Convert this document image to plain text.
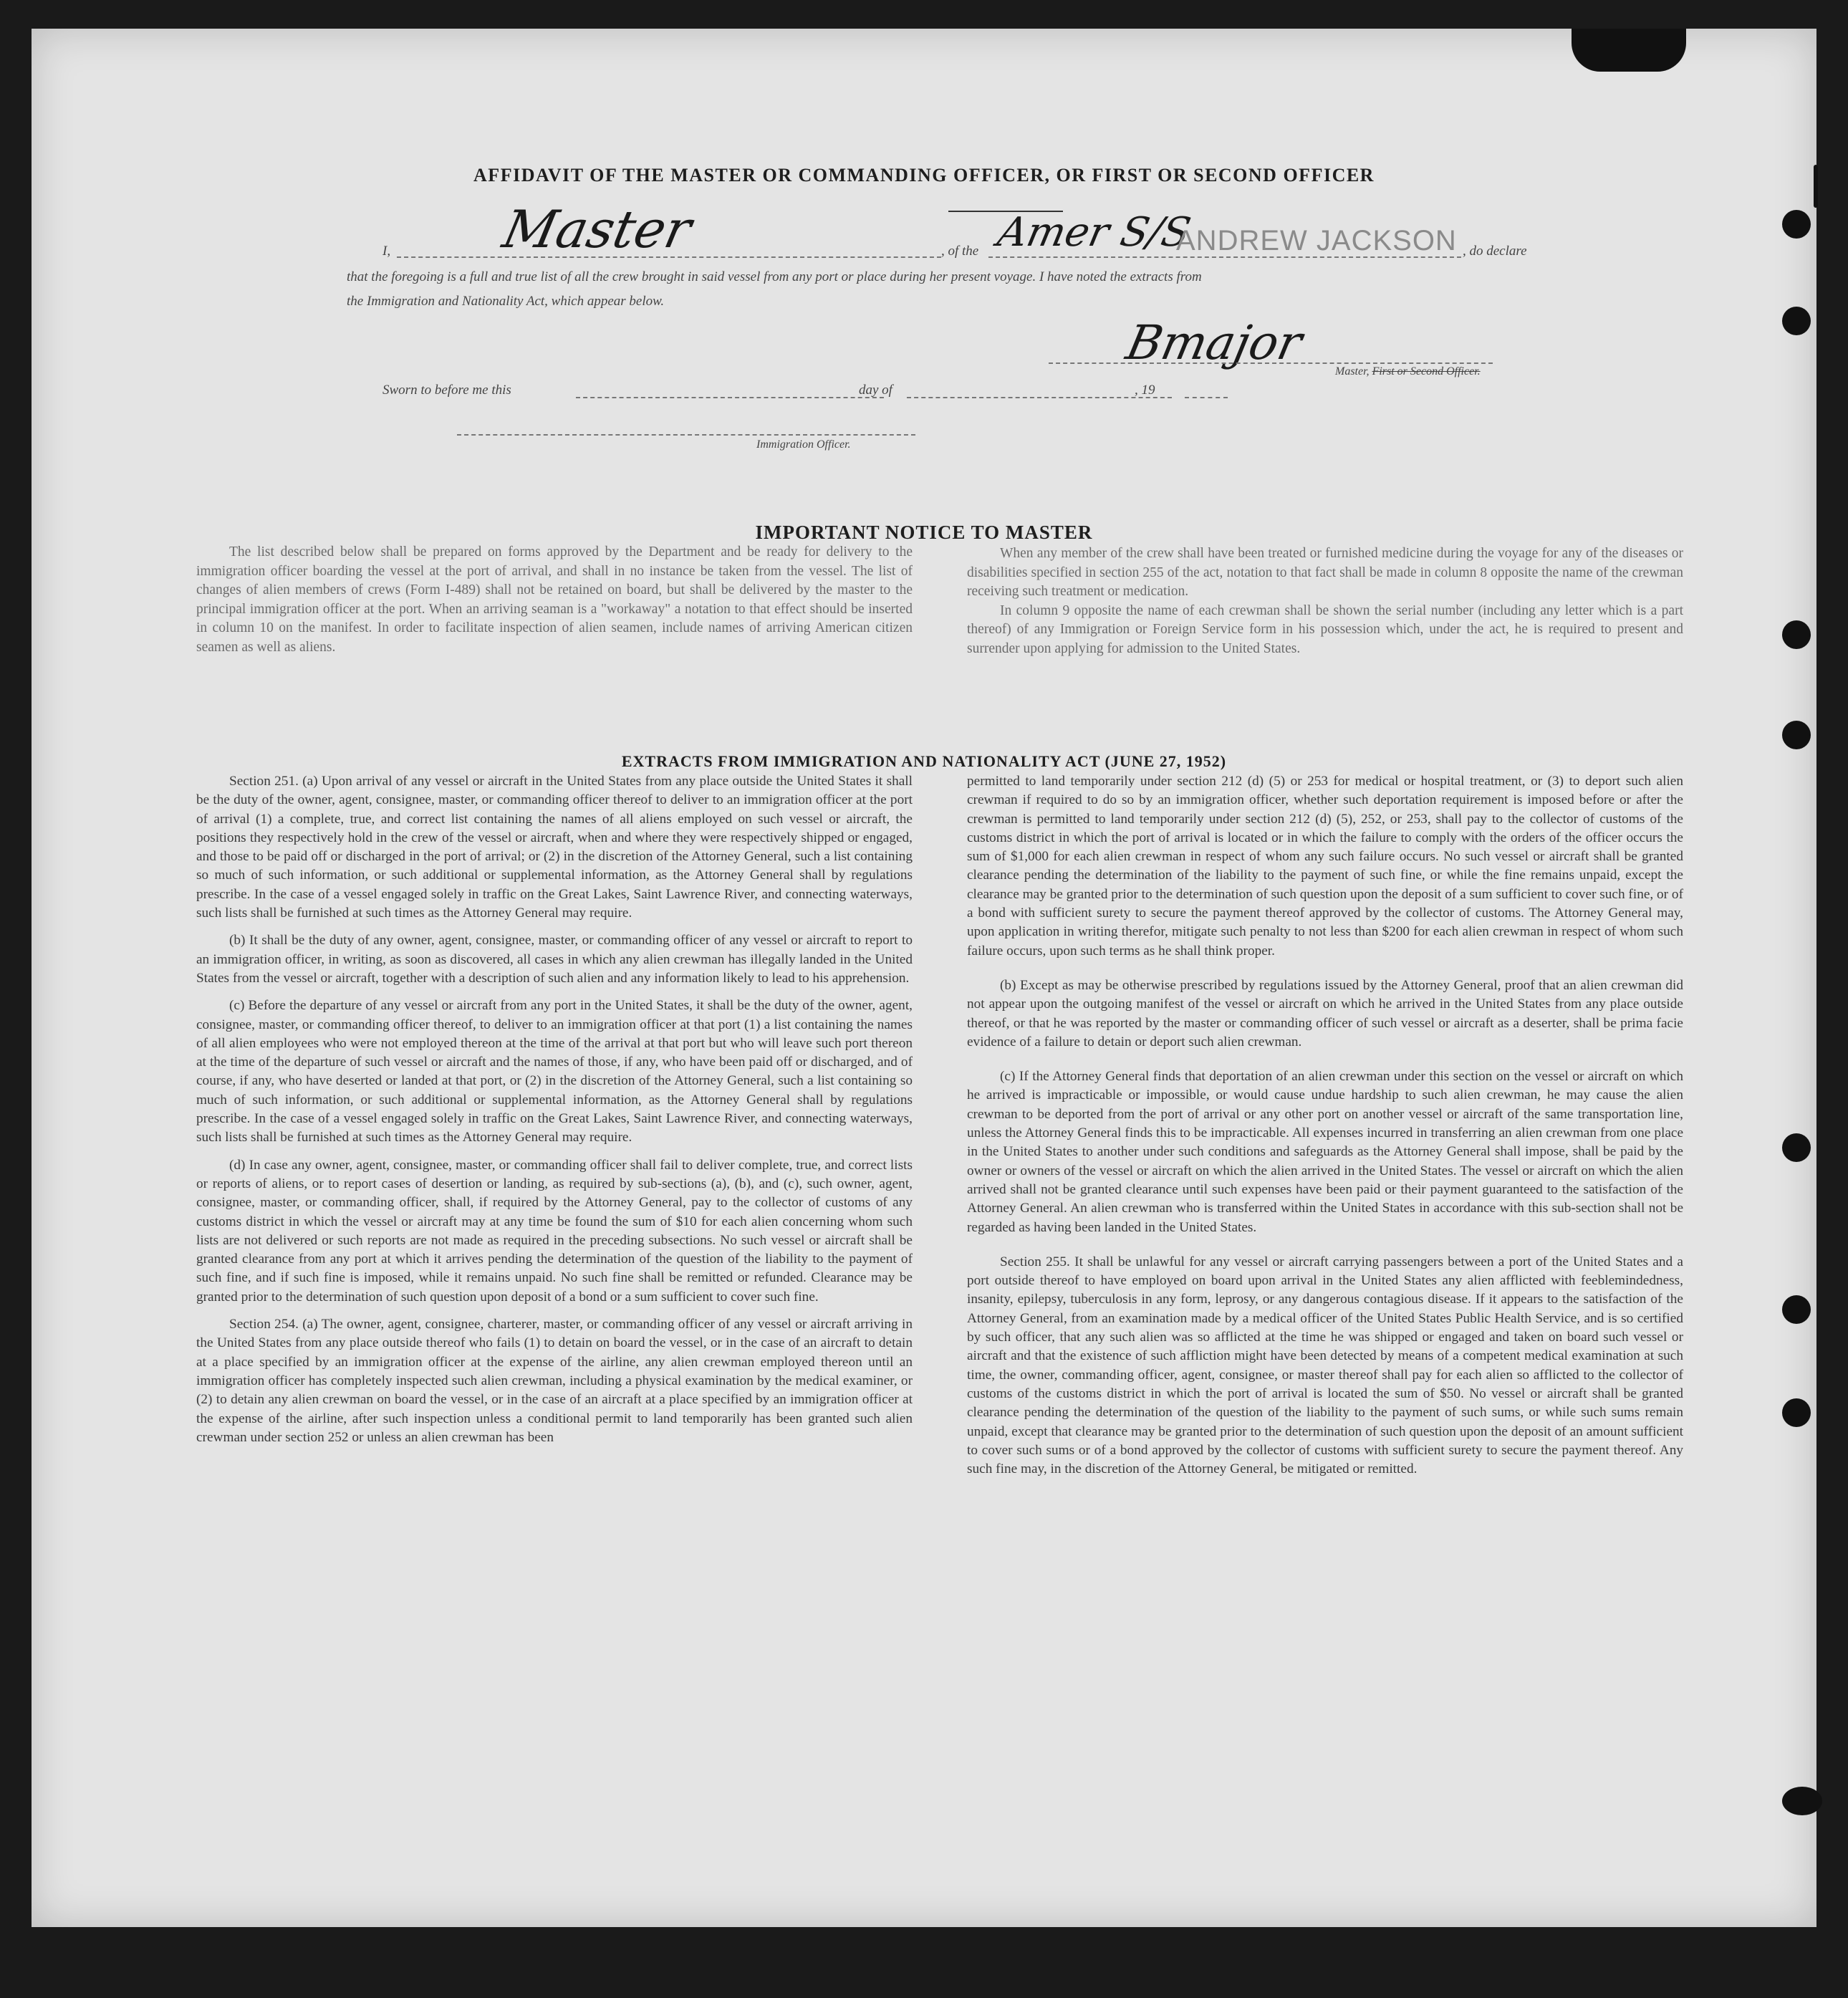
AFFIDAVIT OF THE MASTER OR COMMANDING OFFICER, OR FIRST OR SECOND OFFICER
I, Master	, of the Amer S/S
ANDREW JACKSON , do declare
that the foregoing is a full and true list of all the crew brought in said vessel from any port or place during her present voyage. I have noted the extracts from
the Immigration and Nationality Act, which appear below.
Bmajor
Master, First or Second Officer.
Sworn to before me this	day of	, 19
Immigration Officer.
IMPORTANT NOTICE TO MASTER

The list described below shall be prepared on forms approved by the Department and be ready for delivery to the immigration officer boarding the vessel at the port of arrival, and shall in no instance be taken from the vessel. The list of changes of alien members of crews (Form I-489) shall not be retained on board, but shall be delivered by the master to the principal immigration officer at the port. When an arriving seaman is a "workaway" a notation to that effect should be inserted in column 10 on the manifest. In order to facilitate inspection of alien seamen, include names of arriving American citizen seamen as well as aliens.

When any member of the crew shall have been treated or furnished medicine during the voyage for any of the diseases or disabilities specified in section 255 of the act, notation to that fact shall be made in column 8 opposite the name of the crewman receiving such treatment or medication.

In column 9 opposite the name of each crewman shall be shown the serial number (including any letter which is a part thereof) of any Immigration or Foreign Service form in his possession which, under the act, he is required to present and surrender upon applying for admission to the United States.

EXTRACTS FROM IMMIGRATION AND NATIONALITY ACT (JUNE 27, 1952)

Section 251. (a) Upon arrival of any vessel or aircraft in the United States from any place outside the United States it shall be the duty of the owner, agent, consignee, master, or commanding officer thereof to deliver to an immigration officer at the port of arrival (1) a complete, true, and correct list containing the names of all aliens employed on such vessel or aircraft, the positions they respectively hold in the crew of the vessel or aircraft, when and where they were respectively shipped or engaged, and those to be paid off or discharged in the port of arrival; or (2) in the discretion of the Attorney General, such a list containing so much of such information, or such additional or supplemental information, as the Attorney General shall by regulations prescribe. In the case of a vessel engaged solely in traffic on the Great Lakes, Saint Lawrence River, and connecting waterways, such lists shall be furnished at such times as the Attorney General may require.

(b) It shall be the duty of any owner, agent, consignee, master, or commanding officer of any vessel or aircraft to report to an immigration officer, in writing, as soon as discovered, all cases in which any alien crewman has illegally landed in the United States from the vessel or aircraft, together with a description of such alien and any information likely to lead to his apprehension.

(c) Before the departure of any vessel or aircraft from any port in the United States, it shall be the duty of the owner, agent, consignee, master, or commanding officer thereof, to deliver to an immigration officer at that port (1) a list containing the names of all alien employees who were not employed thereon at the time of the arrival at that port but who will leave such port thereon at the time of the departure of such vessel or aircraft and the names of those, if any, who have been paid off or discharged, and of course, if any, who have deserted or landed at that port, or (2) in the discretion of the Attorney General, such a list containing so much of such information, or such additional or supplemental information, as the Attorney General shall by regulations prescribe. In the case of a vessel engaged solely in traffic on the Great Lakes, Saint Lawrence River, and connecting waterways, such lists shall be furnished at such times as the Attorney General may require.

(d) In case any owner, agent, consignee, master, or commanding officer shall fail to deliver complete, true, and correct lists or reports of aliens, or to report cases of desertion or landing, as required by sub-sections (a), (b), and (c), such owner, agent, consignee, master, or commanding officer, shall, if required by the Attorney General, pay to the collector of customs of any customs district in which the vessel or aircraft may at any time be found the sum of $10 for each alien concerning whom such lists are not delivered or such reports are not made as required in the preceding subsections. No such vessel or aircraft shall be granted clearance from any port at which it arrives pending the determination of the question of the liability to the payment of such fine, and if such fine is imposed, while it remains unpaid. No such fine shall be remitted or refunded. Clearance may be granted prior to the determination of such question upon deposit of a bond or a sum sufficient to cover such fine.

Section 254. (a) The owner, agent, consignee, charterer, master, or commanding officer of any vessel or aircraft arriving in the United States from any place outside thereof who fails (1) to detain on board the vessel, or in the case of an aircraft to detain at a place specified by an immigration officer at the expense of the airline, any alien crewman employed thereon until an immigration officer has completely inspected such alien crewman, including a physical examination by the medical examiner, or (2) to detain any alien crewman on board the vessel, or in the case of an aircraft at a place specified by an immigration officer at the expense of the airline, after such inspection unless a conditional permit to land temporarily has been granted such alien crewman under section 252 or unless an alien crewman has been

permitted to land temporarily under section 212 (d) (5) or 253 for medical or hospital treatment, or (3) to deport such alien crewman if required to do so by an immigration officer, whether such deportation requirement is imposed before or after the crewman is permitted to land temporarily under section 212 (d) (5), 252, or 253, shall pay to the collector of customs of the customs district in which the port of arrival is located or in which the failure to comply with the orders of the officer occurs the sum of $1,000 for each alien crewman in respect of whom any such failure occurs. No such vessel or aircraft shall be granted clearance pending the determination of the liability to the payment of such fine, or while the fine remains unpaid, except the clearance may be granted prior to the determination of such question upon the deposit of a sum sufficient to cover such fine, or of a bond with sufficient surety to secure the payment thereof approved by the collector of customs. The Attorney General may, upon application in writing therefor, mitigate such penalty to not less than $200 for each alien crewman in respect of whom such failure occurs, upon such terms as he shall think proper.

(b) Except as may be otherwise prescribed by regulations issued by the Attorney General, proof that an alien crewman did not appear upon the outgoing manifest of the vessel or aircraft on which he arrived in the United States from any place outside thereof, or that he was reported by the master or commanding officer of such vessel or aircraft as a deserter, shall be prima facie evidence of a failure to detain or deport such alien crewman.

(c) If the Attorney General finds that deportation of an alien crewman under this section on the vessel or aircraft on which he arrived is impracticable or impossible, or would cause undue hardship to such alien crewman, he may cause the alien crewman to be deported from the port of arrival or any other port on another vessel or aircraft of the same transportation line, unless the Attorney General finds this to be impracticable. All expenses incurred in transferring an alien crewman from one place in the United States to another under such conditions and safeguards as the Attorney General shall impose, shall be paid by the owner or owners of the vessel or aircraft on which the alien arrived in the United States. The vessel or aircraft on which the alien arrived shall not be granted clearance until such expenses have been paid or their payment guaranteed to the satisfaction of the Attorney General. An alien crewman who is transferred within the United States in accordance with this sub-section shall not be regarded as having been landed in the United States.

Section 255. It shall be unlawful for any vessel or aircraft carrying passengers between a port of the United States and a port outside thereof to have employed on board upon arrival in the United States any alien afflicted with feeblemindedness, insanity, epilepsy, tuberculosis in any form, leprosy, or any dangerous contagious disease. If it appears to the satisfaction of the Attorney General, from an examination made by a medical officer of the United States Public Health Service, and is so certified by such officer, that any such alien was so afflicted at the time he was shipped or engaged and taken on board such vessel or aircraft and that the existence of such affliction might have been detected by means of a competent medical examination at such time, the owner, commanding officer, agent, consignee, or master thereof shall pay for each alien so afflicted to the collector of customs of the customs district in which the port of arrival is located the sum of $50. No vessel or aircraft shall be granted clearance pending the determination of the question of the liability to the payment of such sums, or while such sums remain unpaid, except that clearance may be granted prior to the determination of such question upon the deposit of an amount sufficient to cover such sums or of a bond approved by the collector of customs with sufficient surety to secure the payment thereof. Any such fine may, in the discretion of the Attorney General, be mitigated or remitted.
